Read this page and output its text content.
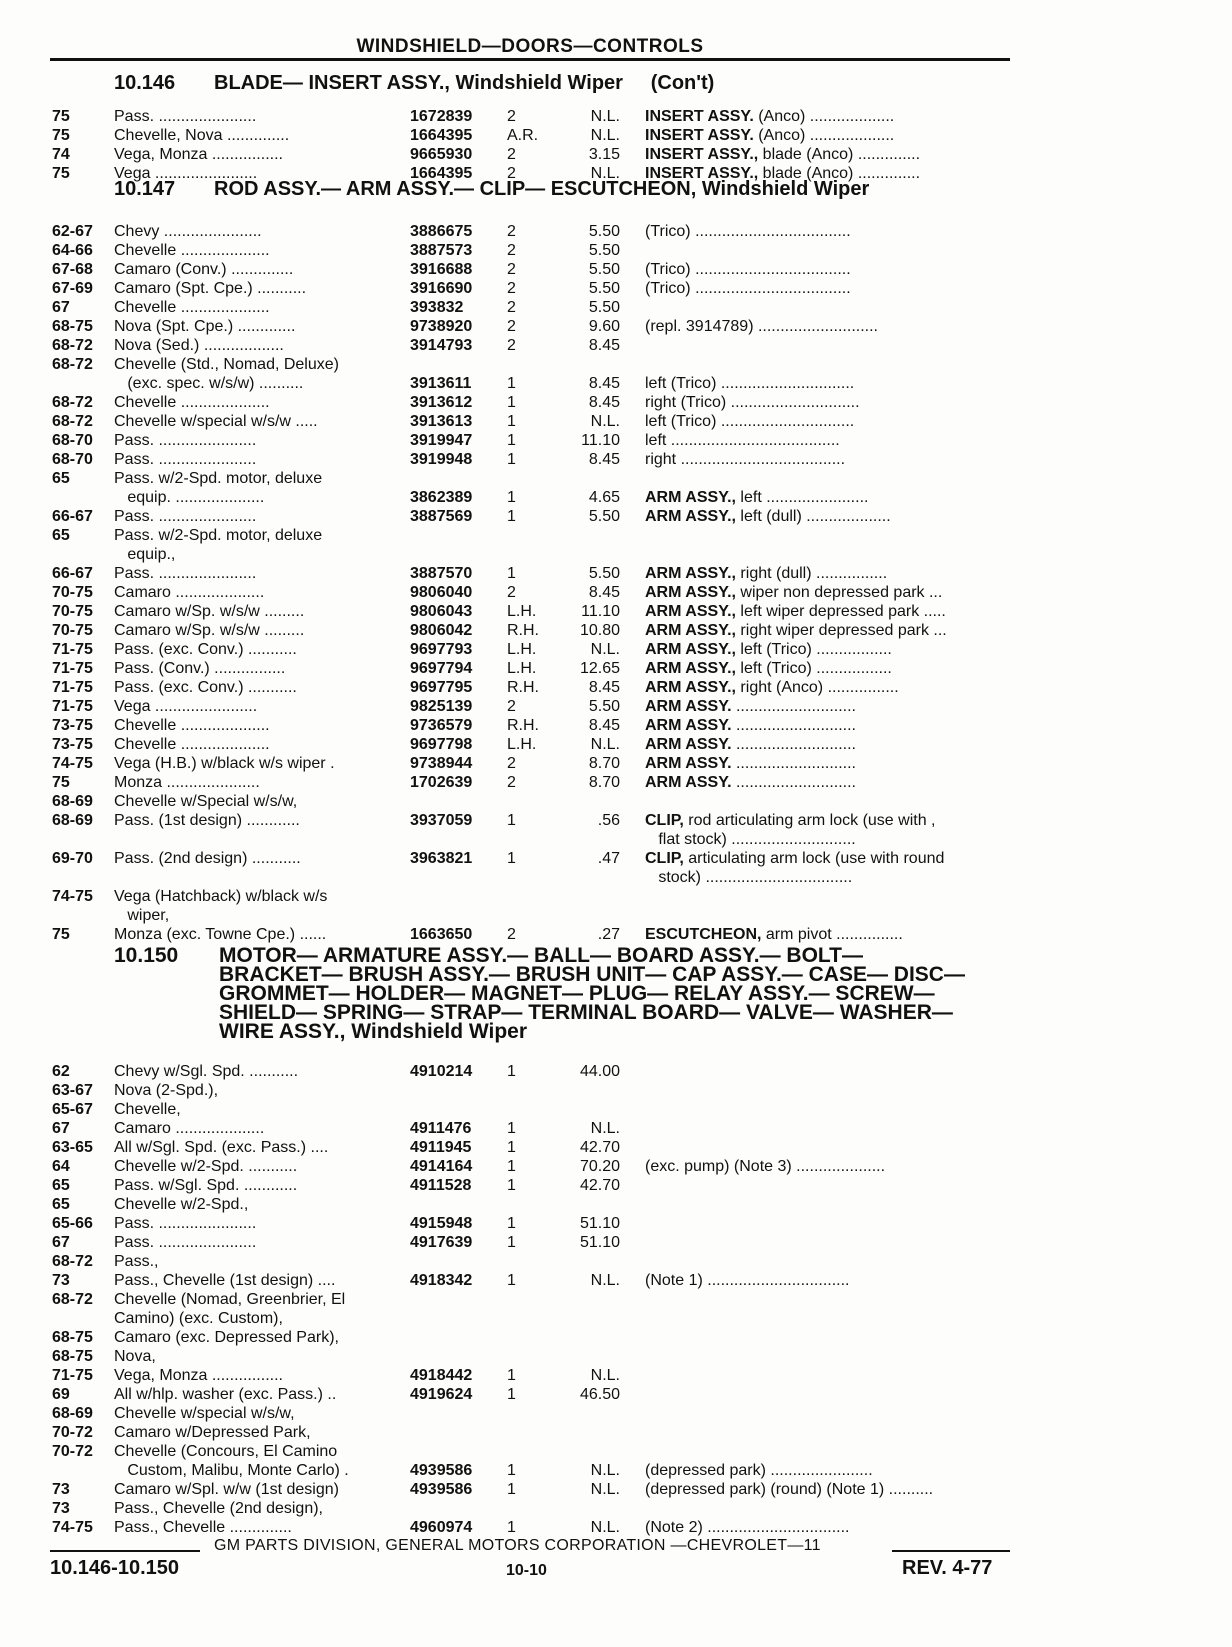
WINDSHIELD—DOORS—CONTROLS
10.146 BLADE— INSERT ASSY., Windshield Wiper     (Con't)
10.147 ROD ASSY.— ARM ASSY.— CLIP— ESCUTCHEON, Windshield Wiper
10.150 MOTOR— ARMATURE ASSY.— BALL— BOARD ASSY.— BOLT—
BRACKET— BRUSH ASSY.— BRUSH UNIT— CAP ASSY.— CASE— DISC—
GROMMET— HOLDER— MAGNET— PLUG— RELAY ASSY.— SCREW—
SHIELD— SPRING— STRAP— TERMINAL BOARD— VALVE— WASHER—
WIRE ASSY., Windshield Wiper
75	Pass. ......................	1672839 2	N.L. INSERT ASSY. (Anco) ...................
75	Chevelle, Nova ..............	1664395 A.R.	N.L. INSERT ASSY. (Anco) ...................
74	Vega, Monza ................	9665930 2	3.15 INSERT ASSY., blade (Anco) ..............
75	Vega .......................	1664395 2	N.L. INSERT ASSY., blade (Anco) ..............
62-67 Chevy ......................	3886675 2	5.50 (Trico) ...................................
64-66 Chevelle ....................	3887573 2	5.50
67-68 Camaro (Conv.) ..............	3916688 2	5.50 (Trico) ...................................
67-69 Camaro (Spt. Cpe.) ...........	3916690 2	5.50 (Trico) ...................................
67	Chevelle ....................	393832	2	5.50
68-75 Nova (Spt. Cpe.) .............	9738920 2	9.60 (repl. 3914789) ...........................
68-72 Nova (Sed.) ..................	3914793 2	8.45
68-72 Chevelle (Std., Nomad, Deluxe)
(exc. spec. w/s/w) ..........	3913611 1	8.45 left (Trico) ..............................
68-72 Chevelle ....................	3913612 1	8.45 right (Trico) .............................
68-72 Chevelle w/special w/s/w .....	3913613 1	N.L. left (Trico) ..............................
68-70 Pass. ......................	3919947 1	11.10 left ......................................
68-70 Pass. ......................	3919948 1	8.45 right .....................................
65	Pass. w/2-Spd. motor, deluxe
equip. ....................	3862389 1	4.65 ARM ASSY., left .......................
66-67 Pass. ......................	3887569 1	5.50 ARM ASSY., left (dull) ...................
65	Pass. w/2-Spd. motor, deluxe
equip.,
66-67 Pass. ......................	3887570 1	5.50 ARM ASSY., right (dull) ................
70-75 Camaro ....................	9806040 2	8.45 ARM ASSY., wiper non depressed park ...
70-75 Camaro w/Sp. w/s/w .........	9806043 L.H.	11.10 ARM ASSY., left wiper depressed park .....
70-75 Camaro w/Sp. w/s/w .........	9806042 R.H.	10.80 ARM ASSY., right wiper depressed park ...
71-75 Pass. (exc. Conv.) ...........	9697793 L.H.	N.L. ARM ASSY., left (Trico) .................
71-75 Pass. (Conv.) ................	9697794 L.H.	12.65 ARM ASSY., left (Trico) .................
71-75 Pass. (exc. Conv.) ...........	9697795 R.H.	8.45 ARM ASSY., right (Anco) ................
71-75 Vega .......................	9825139 2	5.50 ARM ASSY. ...........................
73-75 Chevelle ....................	9736579 R.H.	8.45 ARM ASSY. ...........................
73-75 Chevelle ....................	9697798 L.H.	N.L. ARM ASSY. ...........................
74-75 Vega (H.B.) w/black w/s wiper .	9738944 2	8.70 ARM ASSY. ...........................
75	Monza .....................	1702639 2	8.70 ARM ASSY. ...........................
68-69 Chevelle w/Special w/s/w,
68-69 Pass. (1st design) ............	3937059 1	.56 CLIP, rod articulating arm lock (use with ,
flat stock) ............................
69-70 Pass. (2nd design) ...........	3963821 1	.47 CLIP, articulating arm lock (use with round
stock) .................................
74-75 Vega (Hatchback) w/black w/s
wiper,
75	Monza (exc. Towne Cpe.) ......	1663650 2	.27 ESCUTCHEON, arm pivot ...............
62	Chevy w/Sgl. Spd. ...........	4910214 1	44.00
63-67 Nova (2-Spd.),
65-67 Chevelle,
67	Camaro ....................	4911476 1	N.L.
63-65 All w/Sgl. Spd. (exc. Pass.) ....	4911945 1	42.70
64	Chevelle w/2-Spd. ...........	4914164 1	70.20 (exc. pump) (Note 3) ....................
65	Pass. w/Sgl. Spd. ............	4911528 1	42.70
65	Chevelle w/2-Spd.,
65-66 Pass. ......................	4915948 1	51.10
67	Pass. ......................	4917639 1	51.10
68-72 Pass.,
73	Pass., Chevelle (1st design) ....	4918342 1	N.L. (Note 1) ................................
68-72 Chevelle (Nomad, Greenbrier, El
Camino) (exc. Custom),
68-75 Camaro (exc. Depressed Park),
68-75 Nova,
71-75 Vega, Monza ................	4918442 1	N.L.
69	All w/hlp. washer (exc. Pass.) ..	4919624 1	46.50
68-69 Chevelle w/special w/s/w,
70-72 Camaro w/Depressed Park,
70-72 Chevelle (Concours, El Camino
Custom, Malibu, Monte Carlo) .	4939586 1	N.L. (depressed park) .......................
73	Camaro w/Spl. w/w (1st design)	4939586 1	N.L. (depressed park) (round) (Note 1) ..........
73	Pass., Chevelle (2nd design),
74-75 Pass., Chevelle ..............	4960974 1	N.L. (Note 2) ................................
GM PARTS DIVISION, GENERAL MOTORS CORPORATION —CHEVROLET—11
10.146-10.150	10-10	REV. 4-77
